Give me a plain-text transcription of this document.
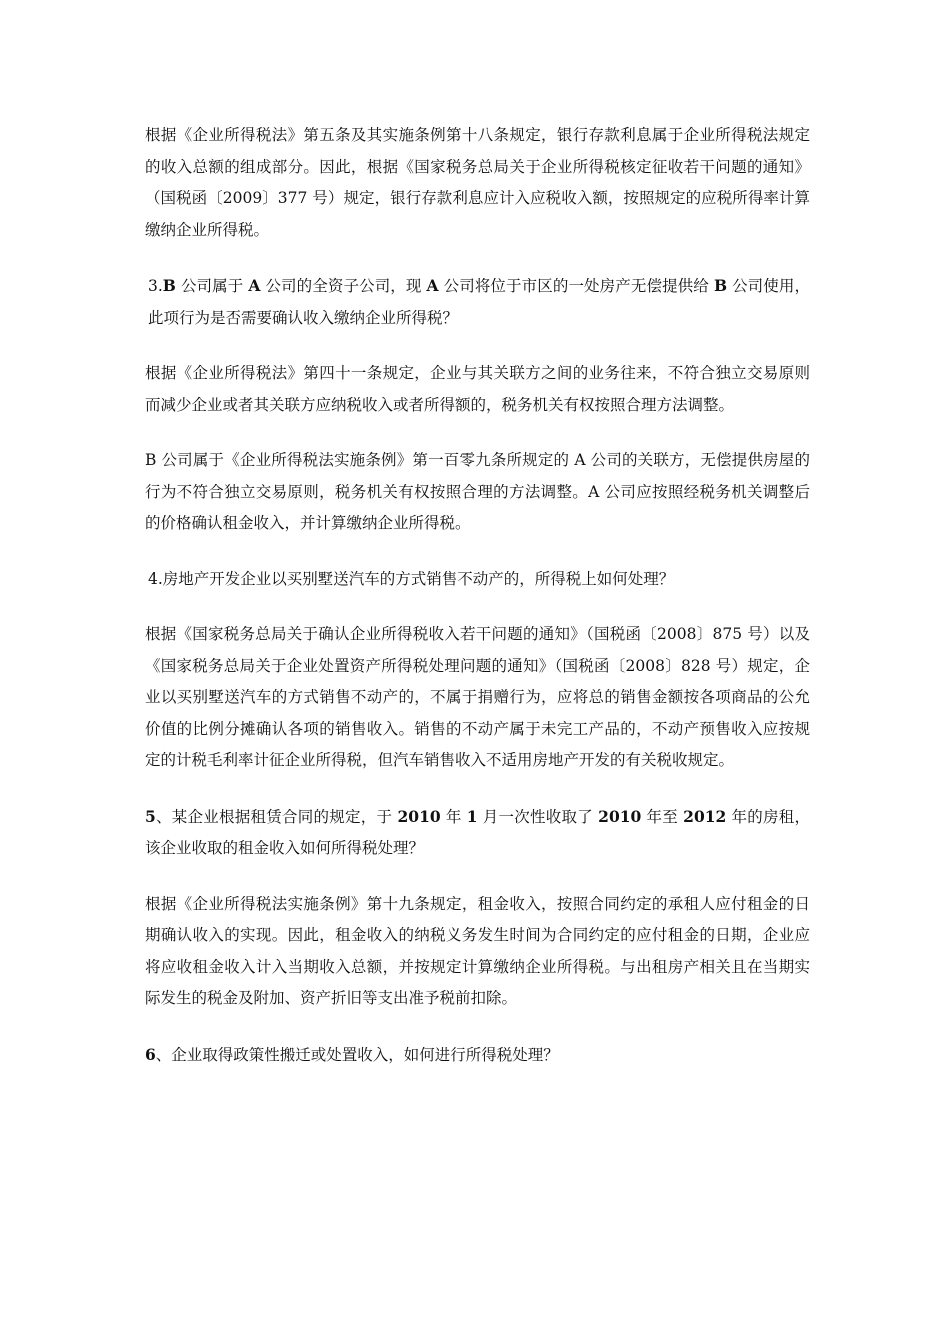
根据《企业所得税法》第五条及其实施条例第十八条规定，银行存款利息属于企业所得税法规定的收入总额的组成部分。因此，根据《国家税务总局关于企业所得税核定征收若干问题的通知》（国税函〔2009〕377 号）规定，银行存款利息应计入应税收入额，按照规定的应税所得率计算缴纳企业所得税。

3.B 公司属于 A 公司的全资子公司，现 A 公司将位于市区的一处房产无偿提供给 B 公司使用，此项行为是否需要确认收入缴纳企业所得税？

根据《企业所得税法》第四十一条规定，企业与其关联方之间的业务往来，不符合独立交易原则而减少企业或者其关联方应纳税收入或者所得额的，税务机关有权按照合理方法调整。

B 公司属于《企业所得税法实施条例》第一百零九条所规定的 A 公司的关联方，无偿提供房屋的行为不符合独立交易原则，税务机关有权按照合理的方法调整。A 公司应按照经税务机关调整后的价格确认租金收入，并计算缴纳企业所得税。

4.房地产开发企业以买别墅送汽车的方式销售不动产的，所得税上如何处理？

根据《国家税务总局关于确认企业所得税收入若干问题的通知》（国税函〔2008〕875 号）以及《国家税务总局关于企业处置资产所得税处理问题的通知》（国税函〔2008〕828 号）规定，企业以买别墅送汽车的方式销售不动产的，不属于捐赠行为，应将总的销售金额按各项商品的公允价值的比例分摊确认各项的销售收入。销售的不动产属于未完工产品的，不动产预售收入应按规定的计税毛利率计征企业所得税，但汽车销售收入不适用房地产开发的有关税收规定。

5、某企业根据租赁合同的规定，于 2010 年 1 月一次性收取了 2010 年至 2012 年的房租，该企业收取的租金收入如何所得税处理？

根据《企业所得税法实施条例》第十九条规定，租金收入，按照合同约定的承租人应付租金的日期确认收入的实现。因此，租金收入的纳税义务发生时间为合同约定的应付租金的日期，企业应将应收租金收入计入当期收入总额，并按规定计算缴纳企业所得税。与出租房产相关且在当期实际发生的税金及附加、资产折旧等支出准予税前扣除。

6、企业取得政策性搬迁或处置收入，如何进行所得税处理？
